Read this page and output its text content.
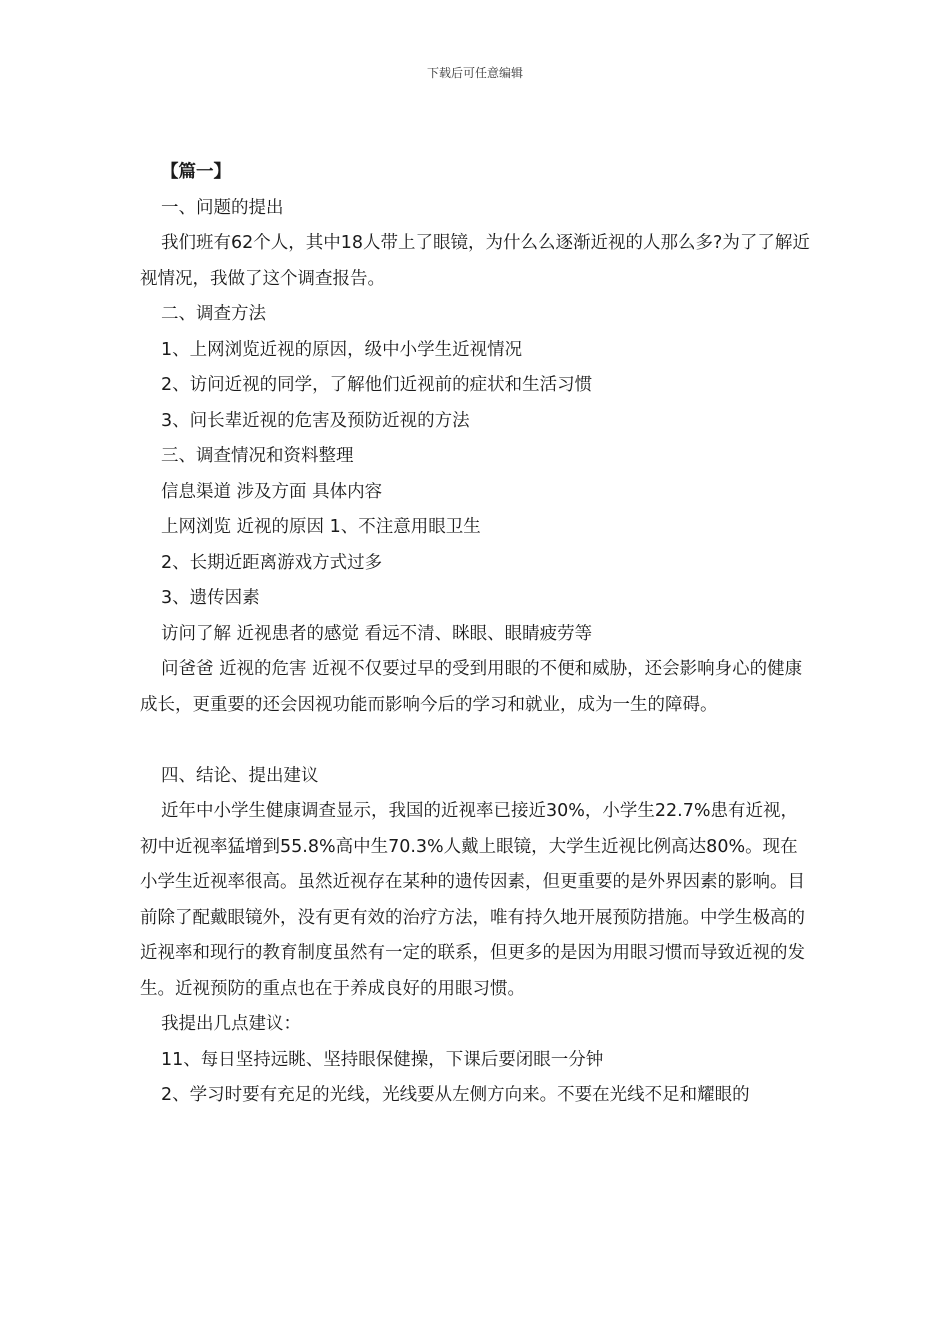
下载后可任意编辑

【篇一】

一、问题的提出

我们班有62个人，其中18人带上了眼镜，为什么么逐渐近视的人那么多?为了了解近视情况，我做了这个调查报告。

二、调查方法

1、上网浏览近视的原因，级中小学生近视情况

2、访问近视的同学，了解他们近视前的症状和生活习惯

3、问长辈近视的危害及预防近视的方法

三、调查情况和资料整理

信息渠道 涉及方面 具体内容

上网浏览 近视的原因 1、不注意用眼卫生

2、长期近距离游戏方式过多

3、遗传因素

访问了解 近视患者的感觉 看远不清、眯眼、眼睛疲劳等

问爸爸 近视的危害 近视不仅要过早的受到用眼的不便和威胁，还会影响身心的健康成长，更重要的还会因视功能而影响今后的学习和就业，成为一生的障碍。

四、结论、提出建议

近年中小学生健康调查显示，我国的近视率已接近30%，小学生22.7%患有近视，初中近视率猛增到55.8%高中生70.3%人戴上眼镜，大学生近视比例高达80%。现在小学生近视率很高。虽然近视存在某种的遗传因素，但更重要的是外界因素的影响。目前除了配戴眼镜外，没有更有效的治疗方法，唯有持久地开展预防措施。中学生极高的近视率和现行的教育制度虽然有一定的联系，但更多的是因为用眼习惯而导致近视的发生。近视预防的重点也在于养成良好的用眼习惯。

我提出几点建议：

11、每日坚持远眺、坚持眼保健操，下课后要闭眼一分钟

2、学习时要有充足的光线，光线要从左侧方向来。不要在光线不足和耀眼的
